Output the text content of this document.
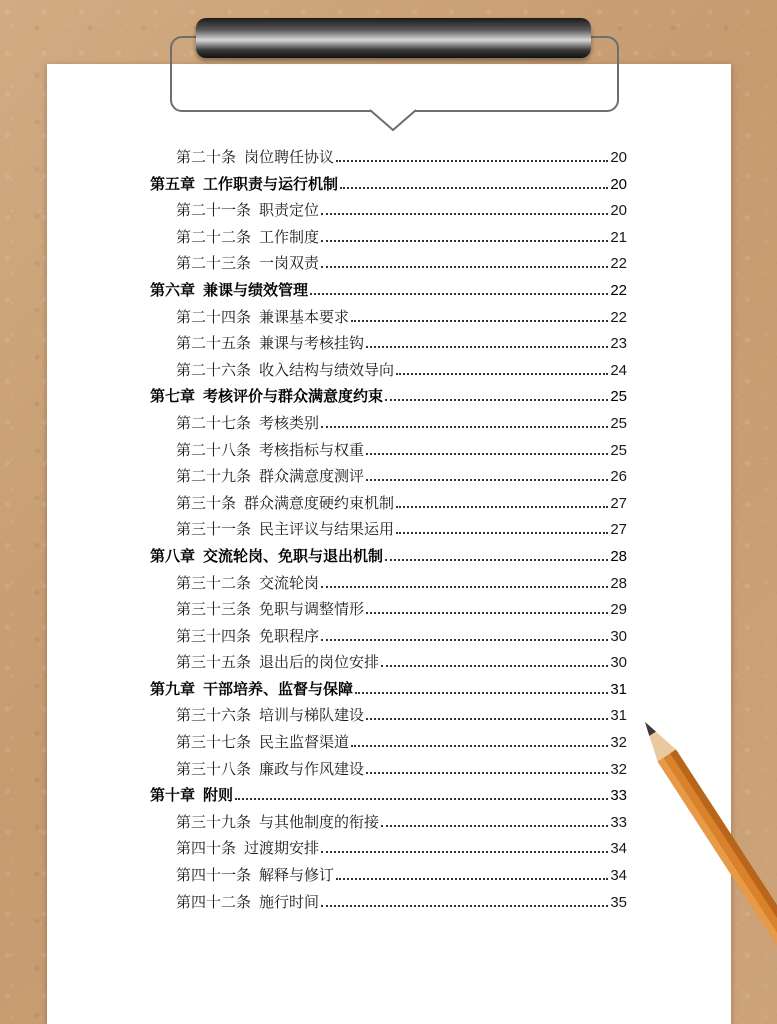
第二十条 岗位聘任协议	20
第五章 工作职责与运行机制	20
第二十一条 职责定位	20
第二十二条 工作制度	21
第二十三条 一岗双责	22
第六章 兼课与绩效管理	22
第二十四条 兼课基本要求	22
第二十五条 兼课与考核挂钩	23
第二十六条 收入结构与绩效导向	24
第七章 考核评价与群众满意度约束	25
第二十七条 考核类别	25
第二十八条 考核指标与权重	25
第二十九条 群众满意度测评	26
第三十条 群众满意度硬约束机制	27
第三十一条 民主评议与结果运用	27
第八章 交流轮岗、免职与退出机制	28
第三十二条 交流轮岗	28
第三十三条 免职与调整情形	29
第三十四条 免职程序	30
第三十五条 退出后的岗位安排	30
第九章 干部培养、监督与保障	31
第三十六条 培训与梯队建设	31
第三十七条 民主监督渠道	32
第三十八条 廉政与作风建设	32
第十章 附则	33
第三十九条 与其他制度的衔接	33
第四十条 过渡期安排	34
第四十一条 解释与修订	34
第四十二条 施行时间	35
